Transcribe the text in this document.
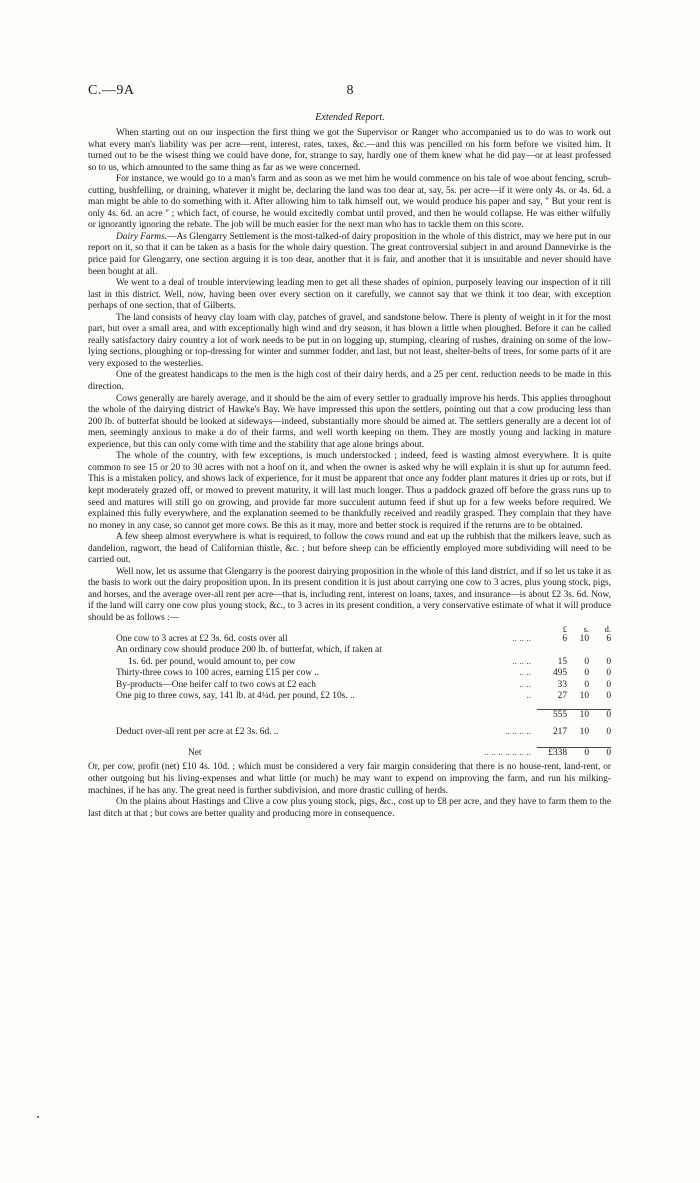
C.—9A	8
Extended Report.

When starting out on our inspection the first thing we got the Supervisor or Ranger who accompanied us to do was to work out what every man's liability was per acre—rent, interest, rates, taxes, &c.—and this was pencilled on his form before we visited him. It turned out to be the wisest thing we could have done, for, strange to say, hardly one of them knew what he did pay—or at least professed so to us, which amounted to the same thing as far as we were concerned.

For instance, we would go to a man's farm and as soon as we met him he would commence on his tale of woe about fencing, scrub-cutting, bushfelling, or draining, whatever it might be, declaring the land was too dear at, say, 5s. per acre—if it were only 4s. or 4s. 6d. a man might be able to do something with it. After allowing him to talk himself out, we would produce his paper and say, " But your rent is only 4s. 6d. an acre " ; which fact, of course, he would excitedly combat until proved, and then he would collapse. He was either wilfully or ignorantly ignoring the rebate. The job will be much easier for the next man who has to tackle them on this score.

Dairy Farms.—As Glengarry Settlement is the most-talked-of dairy proposition in the whole of this district, may we here put in our report on it, so that it can be taken as a basis for the whole dairy question. The great controversial subject in and around Dannevirke is the price paid for Glengarry, one section arguing it is too dear, another that it is fair, and another that it is unsuitable and never should have been bought at all.

We went to a deal of trouble interviewing leading men to get all these shades of opinion, purposely leaving our inspection of it till last in this district. Well, now, having been over every section on it carefully, we cannot say that we think it too dear, with exception perhaps of one section, that of Gilberts.

The land consists of heavy clay loam with clay, patches of gravel, and sandstone below. There is plenty of weight in it for the most part, but over a small area, and with exceptionally high wind and dry season, it has blown a little when ploughed. Before it can be called really satisfactory dairy country a lot of work needs to be put in on logging up, stumping, clearing of rushes, draining on some of the low-lying sections, ploughing or top-dressing for winter and summer fodder, and last, but not least, shelter-belts of trees, for some parts of it are very exposed to the westerlies.

One of the greatest handicaps to the men is the high cost of their dairy herds, and a 25 per cent. reduction needs to be made in this direction.

Cows generally are barely average, and it should be the aim of every settler to gradually improve his herds. This applies throughout the whole of the dairying district of Hawke's Bay. We have impressed this upon the settlers, pointing out that a cow producing less than 200 lb. of butterfat should be looked at sideways—indeed, substantially more should be aimed at. The settlers generally are a decent lot of men, seemingly anxious to make a do of their farms, and well worth keeping on them. They are mostly young and lacking in mature experience, but this can only come with time and the stability that age alone brings about.

The whole of the country, with few exceptions, is much understocked ; indeed, feed is wasting almost everywhere. It is quite common to see 15 or 20 to 30 acres with not a hoof on it, and when the owner is asked why he will explain it is shut up for autumn feed. This is a mistaken policy, and shows lack of experience, for it must be apparent that once any fodder plant matures it dries up or rots, but if kept moderately grazed off, or mowed to prevent maturity, it will last much longer. Thus a paddock grazed off before the grass runs up to seed and matures will still go on growing, and provide far more succulent autumn feed if shut up for a few weeks before required. We explained this fully everywhere, and the explanation seemed to be thankfully received and readily grasped. They complain that they have no money in any case, so cannot get more cows. Be this as it may, more and better stock is required if the returns are to be obtained.

A few sheep almost everywhere is what is required, to follow the cows round and eat up the rubbish that the milkers leave, such as dandelion, ragwort, the head of Californian thistle, &c. ; but before sheep can be efficiently employed more subdividing will need to be carried out.

Well now, let us assume that Glengarry is the poorest dairying proposition in the whole of this land district, and if so let us take it as the basis to work out the dairy proposition upon. In its present condition it is just about carrying one cow to 3 acres, plus young stock, pigs, and horses, and the average over-all rent per acre—that is, including rent, interest on loans, taxes, and insurance—is about £2 3s. 6d. Now, if the land will carry one cow plus young stock, &c., to 3 acres in its present condition, a very conservative estimate of what it will produce should be as follows :—

		£	s.	d.
One cow to 3 acres at £2 3s. 6d. costs over all	.. .. ..	6	10	6
An ordinary cow should produce 200 lb. of butterfat, which, if taken at				
1s. 6d. per pound, would amount to, per cow	.. .. ..	15	0	0
Thirty-three cows to 100 acres, earning £15 per cow ..	.. ..	495	0	0
By-products—One heifer calf to two cows at £2 each	.. ..	33	0	0
One pig to three cows, say, 141 lb. at 4¼d. per pound, £2 10s. ..	..	27	10	0

		555	10	0

Deduct over-all rent per acre at £2 3s. 6d. ..	.. .. .. ..	217	10	0

Net	.. .. .. .. .. .. ..	£338	0	0

Or, per cow, profit (net) £10 4s. 10d. ; which must be considered a very fair margin considering that there is no house-rent, land-rent, or other outgoing but his living-expenses and what little (or much) he may want to expend on improving the farm, and run his milking-machines, if he has any. The great need is further subdivision, and more drastic culling of herds.

On the plains about Hastings and Clive a cow plus young stock, pigs, &c., cost up to £8 per acre, and they have to farm them to the last ditch at that ; but cows are better quality and producing more in consequence.
